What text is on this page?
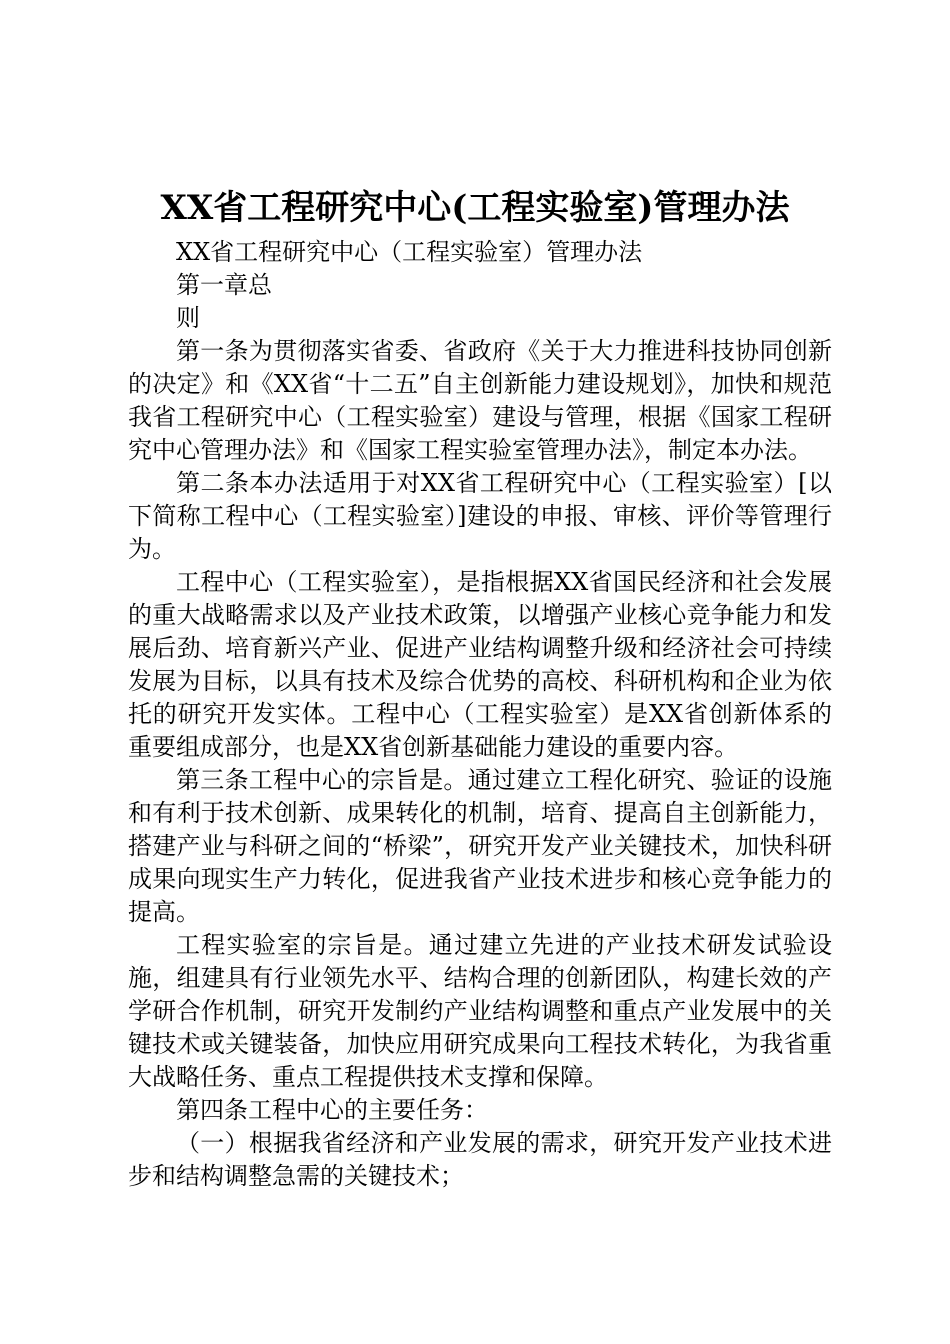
XX省工程研究中心(工程实验室)管理办法

XX省工程研究中心（工程实验室）管理办法

第一章总

则

第一条为贯彻落实省委、省政府《关于大力推进科技协同创新的决定》和《XX省“十二五”自主创新能力建设规划》，加快和规范我省工程研究中心（工程实验室）建设与管理，根据《国家工程研究中心管理办法》和《国家工程实验室管理办法》，制定本办法。

第二条本办法适用于对XX省工程研究中心（工程实验室）[以下简称工程中心（工程实验室）]建设的申报、审核、评价等管理行为。

工程中心（工程实验室），是指根据XX省国民经济和社会发展的重大战略需求以及产业技术政策，以增强产业核心竞争能力和发展后劲、培育新兴产业、促进产业结构调整升级和经济社会可持续发展为目标，以具有技术及综合优势的高校、科研机构和企业为依托的研究开发实体。工程中心（工程实验室）是XX省创新体系的重要组成部分，也是XX省创新基础能力建设的重要内容。

第三条工程中心的宗旨是。通过建立工程化研究、验证的设施和有利于技术创新、成果转化的机制，培育、提高自主创新能力，搭建产业与科研之间的“桥梁”，研究开发产业关键技术，加快科研成果向现实生产力转化，促进我省产业技术进步和核心竞争能力的提高。

工程实验室的宗旨是。通过建立先进的产业技术研发试验设施，组建具有行业领先水平、结构合理的创新团队，构建长效的产学研合作机制，研究开发制约产业结构调整和重点产业发展中的关键技术或关键装备，加快应用研究成果向工程技术转化，为我省重大战略任务、重点工程提供技术支撑和保障。

第四条工程中心的主要任务：

（一）根据我省经济和产业发展的需求，研究开发产业技术进步和结构调整急需的关键技术；
